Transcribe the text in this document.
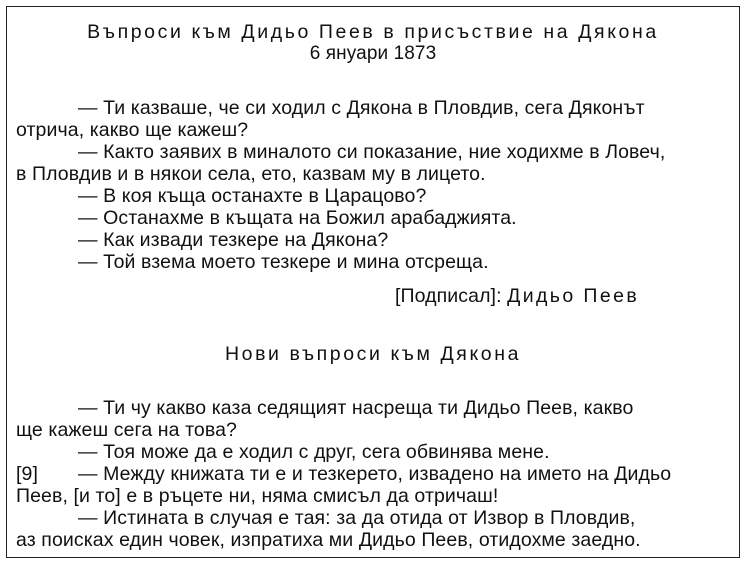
Въпроси към Дидьо Пеев в присъствие на Дякона
6 януари 1873
— Ти казваше, че си ходил с Дякона в Пловдив, сега Дяконът
отрича, какво ще кажеш?
— Както заявих в миналото си показание, ние ходихме в Ловеч,
в Пловдив и в някои села, ето, казвам му в лицето.
— В коя къща останахте в Царацово?
— Останахме в къщата на Божил арабаджията.
— Как извади тезкере на Дякона?
— Той взема моето тезкере и мина отсреща.
[Подписал]: Дидьо Пеев
Нови въпроси към Дякона
— Ти чу какво каза седящият насреща ти Дидьо Пеев, какво
ще кажеш сега на това?
— Тоя може да е ходил с друг, сега обвинява мене.
[9] — Между книжата ти е и тезкерето, извадено на името на Дидьо
Пеев, [и то] е в ръцете ни, няма смисъл да отричаш!
— Истината в случая е тая: за да отида от Извор в Пловдив,
аз поисках един човек, изпратиха ми Дидьо Пеев, отидохме заедно.
